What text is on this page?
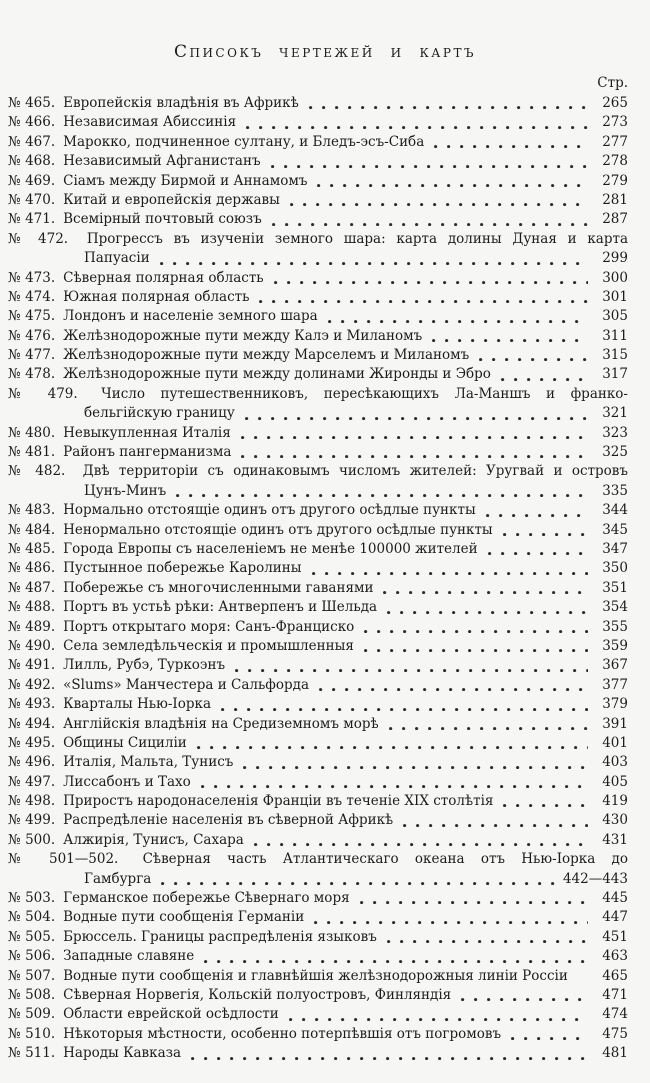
Списокъ чертежей и картъ
Стр.
№ 465. Европейскія владѣнія въ Африкѣ	265
№ 466. Независимая Абиссинія	273
№ 467. Марокко, подчиненное султану, и Бледъ-эсъ-Сиба	277
№ 468. Независимый Афганистанъ	278
№ 469. Сіамъ между Бирмой и Аннамомъ	279
№ 470. Китай и европейскія державы	281
№ 471. Всемірный почтовый союзъ	287
№ 472. Прогрессъ въ изученіи земного шара: карта долины Дуная и карта
Папуасіи	299
№ 473. Сѣверная полярная область	300
№ 474. Южная полярная область	301
№ 475. Лондонъ и населеніе земного шара	305
№ 476. Желѣзнодорожные пути между Калэ и Миланомъ	311
№ 477. Желѣзнодорожные пути между Марселемъ и Миланомъ	315
№ 478. Желѣзнодорожные пути между долинами Жиронды и Эбро	317
№ 479. Число путешественниковъ, пересѣкающихъ Ла-Маншъ и франко-
бельгійскую границу	321
№ 480. Невыкупленная Италія	323
№ 481. Районъ пангерманизма	325
№ 482. Двѣ территоріи съ одинаковымъ числомъ жителей: Уругвай и островъ
Цунъ-Минъ	335
№ 483. Нормально отстоящіе одинъ отъ другого осѣдлые пункты	344
№ 484. Ненормально отстоящіе одинъ отъ другого осѣдлые пункты	345
№ 485. Города Европы съ населеніемъ не менѣе 100000 жителей	347
№ 486. Пустынное побережье Каролины	350
№ 487. Побережье съ многочисленными гаванями	351
№ 488. Портъ въ устьѣ рѣки: Антверпенъ и Шельда	354
№ 489. Портъ открытаго моря: Санъ-Франциско	355
№ 490. Села земледѣльческія и промышленныя	359
№ 491. Лилль, Рубэ, Туркоэнъ	367
№ 492. «Slums» Манчестера и Сальфорда	377
№ 493. Кварталы Нью-Іорка	379
№ 494. Англійскія владѣнія на Средиземномъ морѣ	391
№ 495. Общины Сициліи	401
№ 496. Италія, Мальта, Тунисъ	403
№ 497. Лиссабонъ и Тахо	405
№ 498. Приростъ народонаселенія Франціи въ теченіе XIX столѣтія	419
№ 499. Распредѣленіе населенія въ сѣверной Африкѣ	430
№ 500. Алжирія, Тунисъ, Сахара	431
№ 501—502. Сѣверная часть Атлантическаго океана отъ Нью-Іорка до
Гамбурга	442—443
№ 503. Германское побережье Сѣвернаго моря	445
№ 504. Водные пути сообщенія Германіи	447
№ 505. Брюссель. Границы распредѣленія языковъ	451
№ 506. Западные славяне	463
№ 507. Водные пути сообщенія и главнѣйшія желѣзнодорожныя линіи Россіи	465
№ 508. Сѣверная Норвегія, Кольскій полуостровъ, Финляндія	471
№ 509. Области еврейской осѣдлости	474
№ 510. Нѣкоторыя мѣстности, особенно потерпѣвшія отъ погромовъ	475
№ 511. Народы Кавказа	481
